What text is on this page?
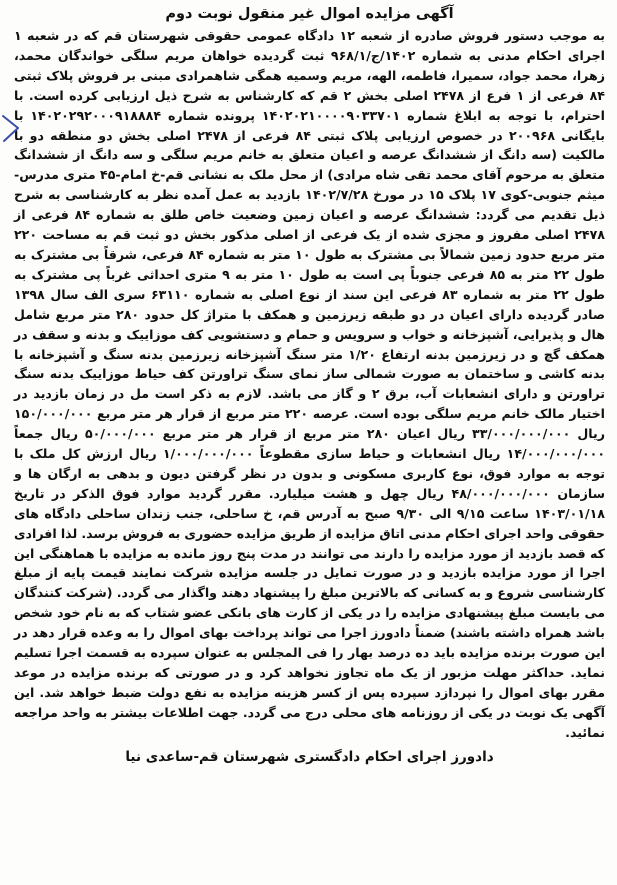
آگهی مزایده اموال غیر منقول نوبت دوم

به موجب دستور فروش صادره از شعبه ۱۲ دادگاه عمومی حقوقی شهرستان قم که در شعبه ۱ اجرای احکام مدنی به شماره ۱۴۰۲/ج/۹۶۸/۱ ثبت گردیده خواهان مریم سلگی خواندگان محمد، زهرا، محمد جواد، سمیرا، فاطمه، الهه، مریم وسمیه همگی شاهمرادی مبنی بر فروش پلاک ثبتی ۸۴ فرعی از ۱ فرع از ۲۴۷۸ اصلی بخش ۲ قم که کارشناس به شرح ذیل ارزیابی کرده است. با احترام، با توجه به ابلاغ شماره ۱۴۰۲۰۲۱۰۰۰۰۹۰۳۳۷۰۱ پرونده شماره ۱۴۰۲۰۲۹۲۰۰۰۹۱۸۸۸۴ با بایگانی ۲۰۰۹۶۸ در خصوص ارزیابی پلاک ثبتی ۸۴ فرعی از ۲۴۷۸ اصلی بخش دو منطقه دو با مالکیت (سه دانگ از ششدانگ عرصه و اعیان متعلق به خانم مریم سلگی و سه دانگ از ششدانگ متعلق به مرحوم آقای محمد تقی شاه مرادی) از محل ملک به نشانی قم-خ امام-۴۵ متری مدرس-میثم جنوبی-کوی ۱۷ پلاک ۱۵ در مورخ ۱۴۰۲/۷/۲۸ بازدید به عمل آمده نظر به کارشناسی به شرح ذیل تقدیم می گردد: ششدانگ عرصه و اعیان زمین وضعیت خاص طلق به شماره ۸۴ فرعی از ۲۴۷۸ اصلی مفروز و مجزی شده از یک فرعی از اصلی مذکور بخش دو ثبت قم به مساحت ۲۲۰ متر مربع حدود زمین شمالاً بی مشترک به طول ۱۰ متر به شماره ۸۴ فرعی، شرقاً بی مشترک به طول ۲۲ متر به ۸۵ فرعی جنوباً پی است به طول ۱۰ متر به ۹ متری احداثی غرباً پی مشترک به طول ۲۲ متر به شماره ۸۳ فرعی این سند از نوع اصلی به شماره ۶۳۱۱۰ سری الف سال ۱۳۹۸ صادر گردیده دارای اعیان در دو طبقه زیرزمین و همکف با متراژ کل حدود ۲۸۰ متر مربع شامل هال و پذیرایی، آشپزخانه و خواب و سرویس و حمام و دستشویی کف موزاییک و بدنه و سقف در همکف گچ و در زیرزمین بدنه ارتفاع ۱/۲۰ متر سنگ آشپزخانه زیرزمین بدنه سنگ و آشپزخانه با بدنه کاشی و ساختمان به صورت شمالی ساز نمای سنگ تراورتن کف حیاط موزاییک بدنه سنگ تراورتن و دارای انشعابات آب، برق ۲ و گاز می باشد. لازم به ذکر است مل در زمان بازدید در اختیار مالک خانم مریم سلگی بوده است. عرصه ۲۲۰ متر مربع از قرار هر متر مربع ۱۵۰/۰۰۰/۰۰۰ ریال ۳۳/۰۰۰/۰۰۰/۰۰۰ ریال اعیان ۲۸۰ متر مربع از قرار هر متر مربع ۵۰/۰۰۰/۰۰۰ ریال جمعاً ۱۴/۰۰۰/۰۰۰/۰۰۰ ریال انشعابات و حیاط سازی مقطوعاً ۱/۰۰۰/۰۰۰/۰۰۰ ریال ارزش کل ملک با توجه به موارد فوق، نوع کاربری مسکونی و بدون در نظر گرفتن دیون و بدهی به ارگان ها و سازمان ۴۸/۰۰۰/۰۰۰/۰۰۰ ریال چهل و هشت میلیارد. مقرر گردید موارد فوق الذکر در تاریخ ۱۴۰۳/۰۱/۱۸ ساعت ۹/۱۵ الی ۹/۳۰ صبح به آدرس قم، خ ساحلی، جنب زندان ساحلی دادگاه های حقوقی واحد اجرای احکام مدنی اتاق مزایده از طریق مزایده حضوری به فروش برسد. لذا افرادی که قصد بازدید از مورد مزایده را دارند می توانند در مدت پنج روز مانده به مزایده با هماهنگی این اجرا از مورد مزایده بازدید و در صورت تمایل در جلسه مزایده شرکت نمایند قیمت پایه از مبلغ کارشناسی شروع و به کسانی که بالاترین مبلغ را پیشنهاد دهند واگذار می گردد. (شرکت کنندگان می بایست مبلغ پیشنهادی مزایده را در یکی از کارت های بانکی عضو شتاب که به نام خود شخص باشد همراه داشته باشند) ضمناً دادورز اجرا می تواند پرداخت بهای اموال را به وعده قرار دهد در این صورت برنده مزایده باید ده درصد بهار را فی المجلس به عنوان سپرده به قسمت اجرا تسلیم نماید. حداکثر مهلت مزبور از یک ماه تجاوز نخواهد کرد و در صورتی که برنده مزایده در موعد مقرر بهای اموال را نپردازد سپرده پس از کسر هزینه مزایده به نفع دولت ضبط خواهد شد. این آگهی یک نوبت در یکی از روزنامه های محلی درج می گردد. جهت اطلاعات بیشتر به واحد مراجعه نمائید.

دادورز اجرای احکام دادگستری شهرستان قم-ساعدی نیا
